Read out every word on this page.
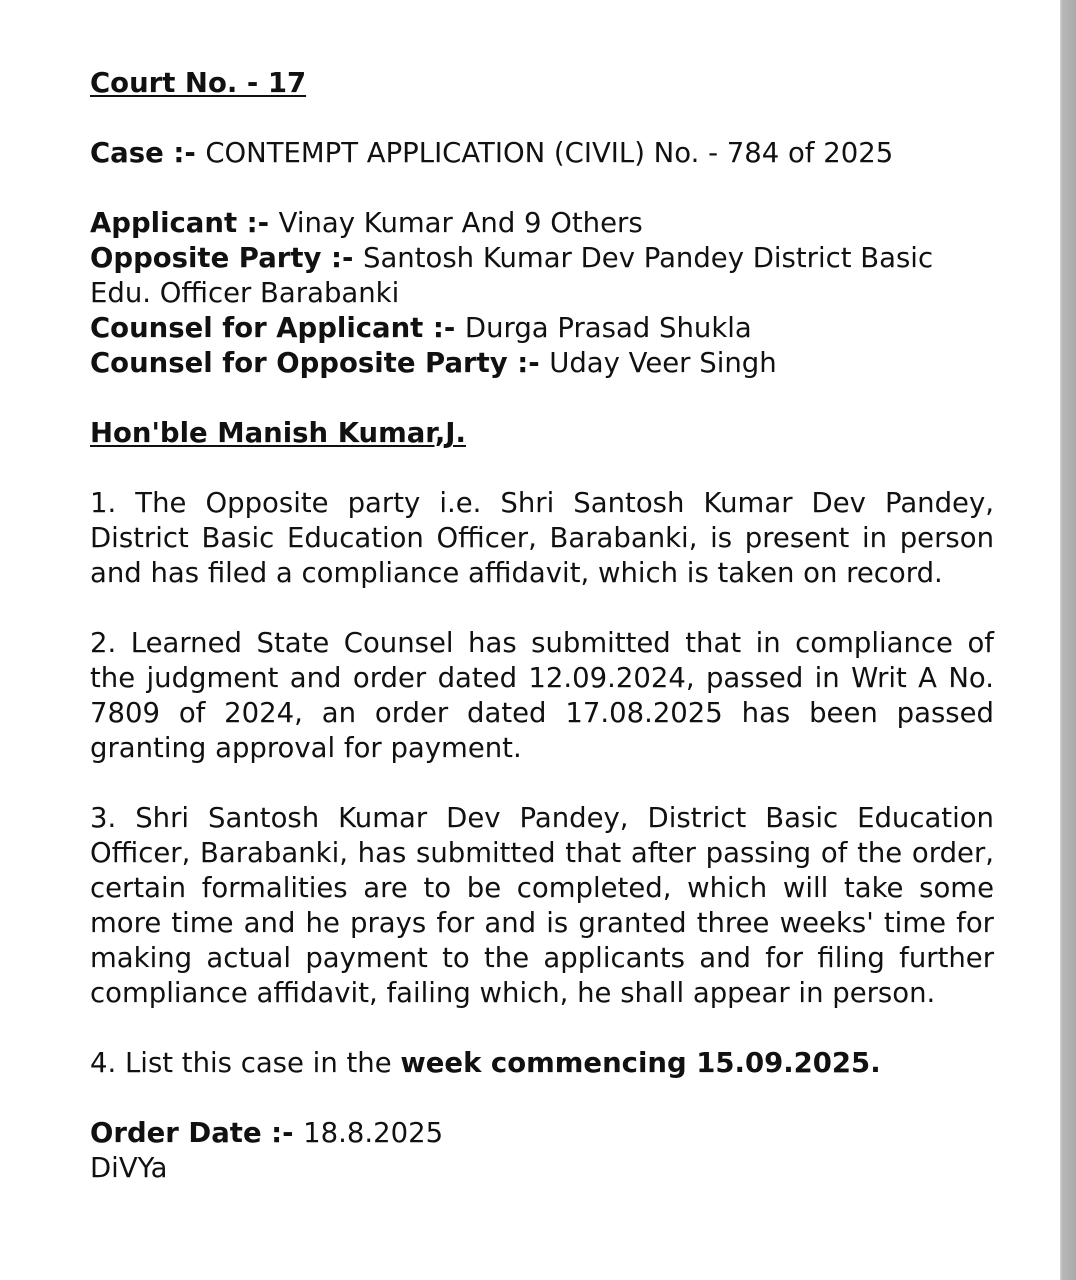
Court No. - 17
Case :- CONTEMPT APPLICATION (CIVIL) No. - 784 of 2025
Applicant :- Vinay Kumar And 9 Others
Opposite Party :- Santosh Kumar Dev Pandey District Basic Edu. Officer Barabanki
Counsel for Applicant :- Durga Prasad Shukla
Counsel for Opposite Party :- Uday Veer Singh
Hon'ble Manish Kumar,J.
1. The Opposite party i.e. Shri Santosh Kumar Dev Pandey, District Basic Education Officer, Barabanki, is present in person and has filed a compliance affidavit, which is taken on record.
2. Learned State Counsel has submitted that in compliance of the judgment and order dated 12.09.2024, passed in Writ A No. 7809 of 2024, an order dated 17.08.2025 has been passed granting approval for payment.
3. Shri Santosh Kumar Dev Pandey, District Basic Education Officer, Barabanki, has submitted that after passing of the order, certain formalities are to be completed, which will take some more time and he prays for and is granted three weeks' time for making actual payment to the applicants and for filing further compliance affidavit, failing which, he shall appear in person.
4. List this case in the week commencing 15.09.2025.
Order Date :- 18.8.2025
DiVYa
